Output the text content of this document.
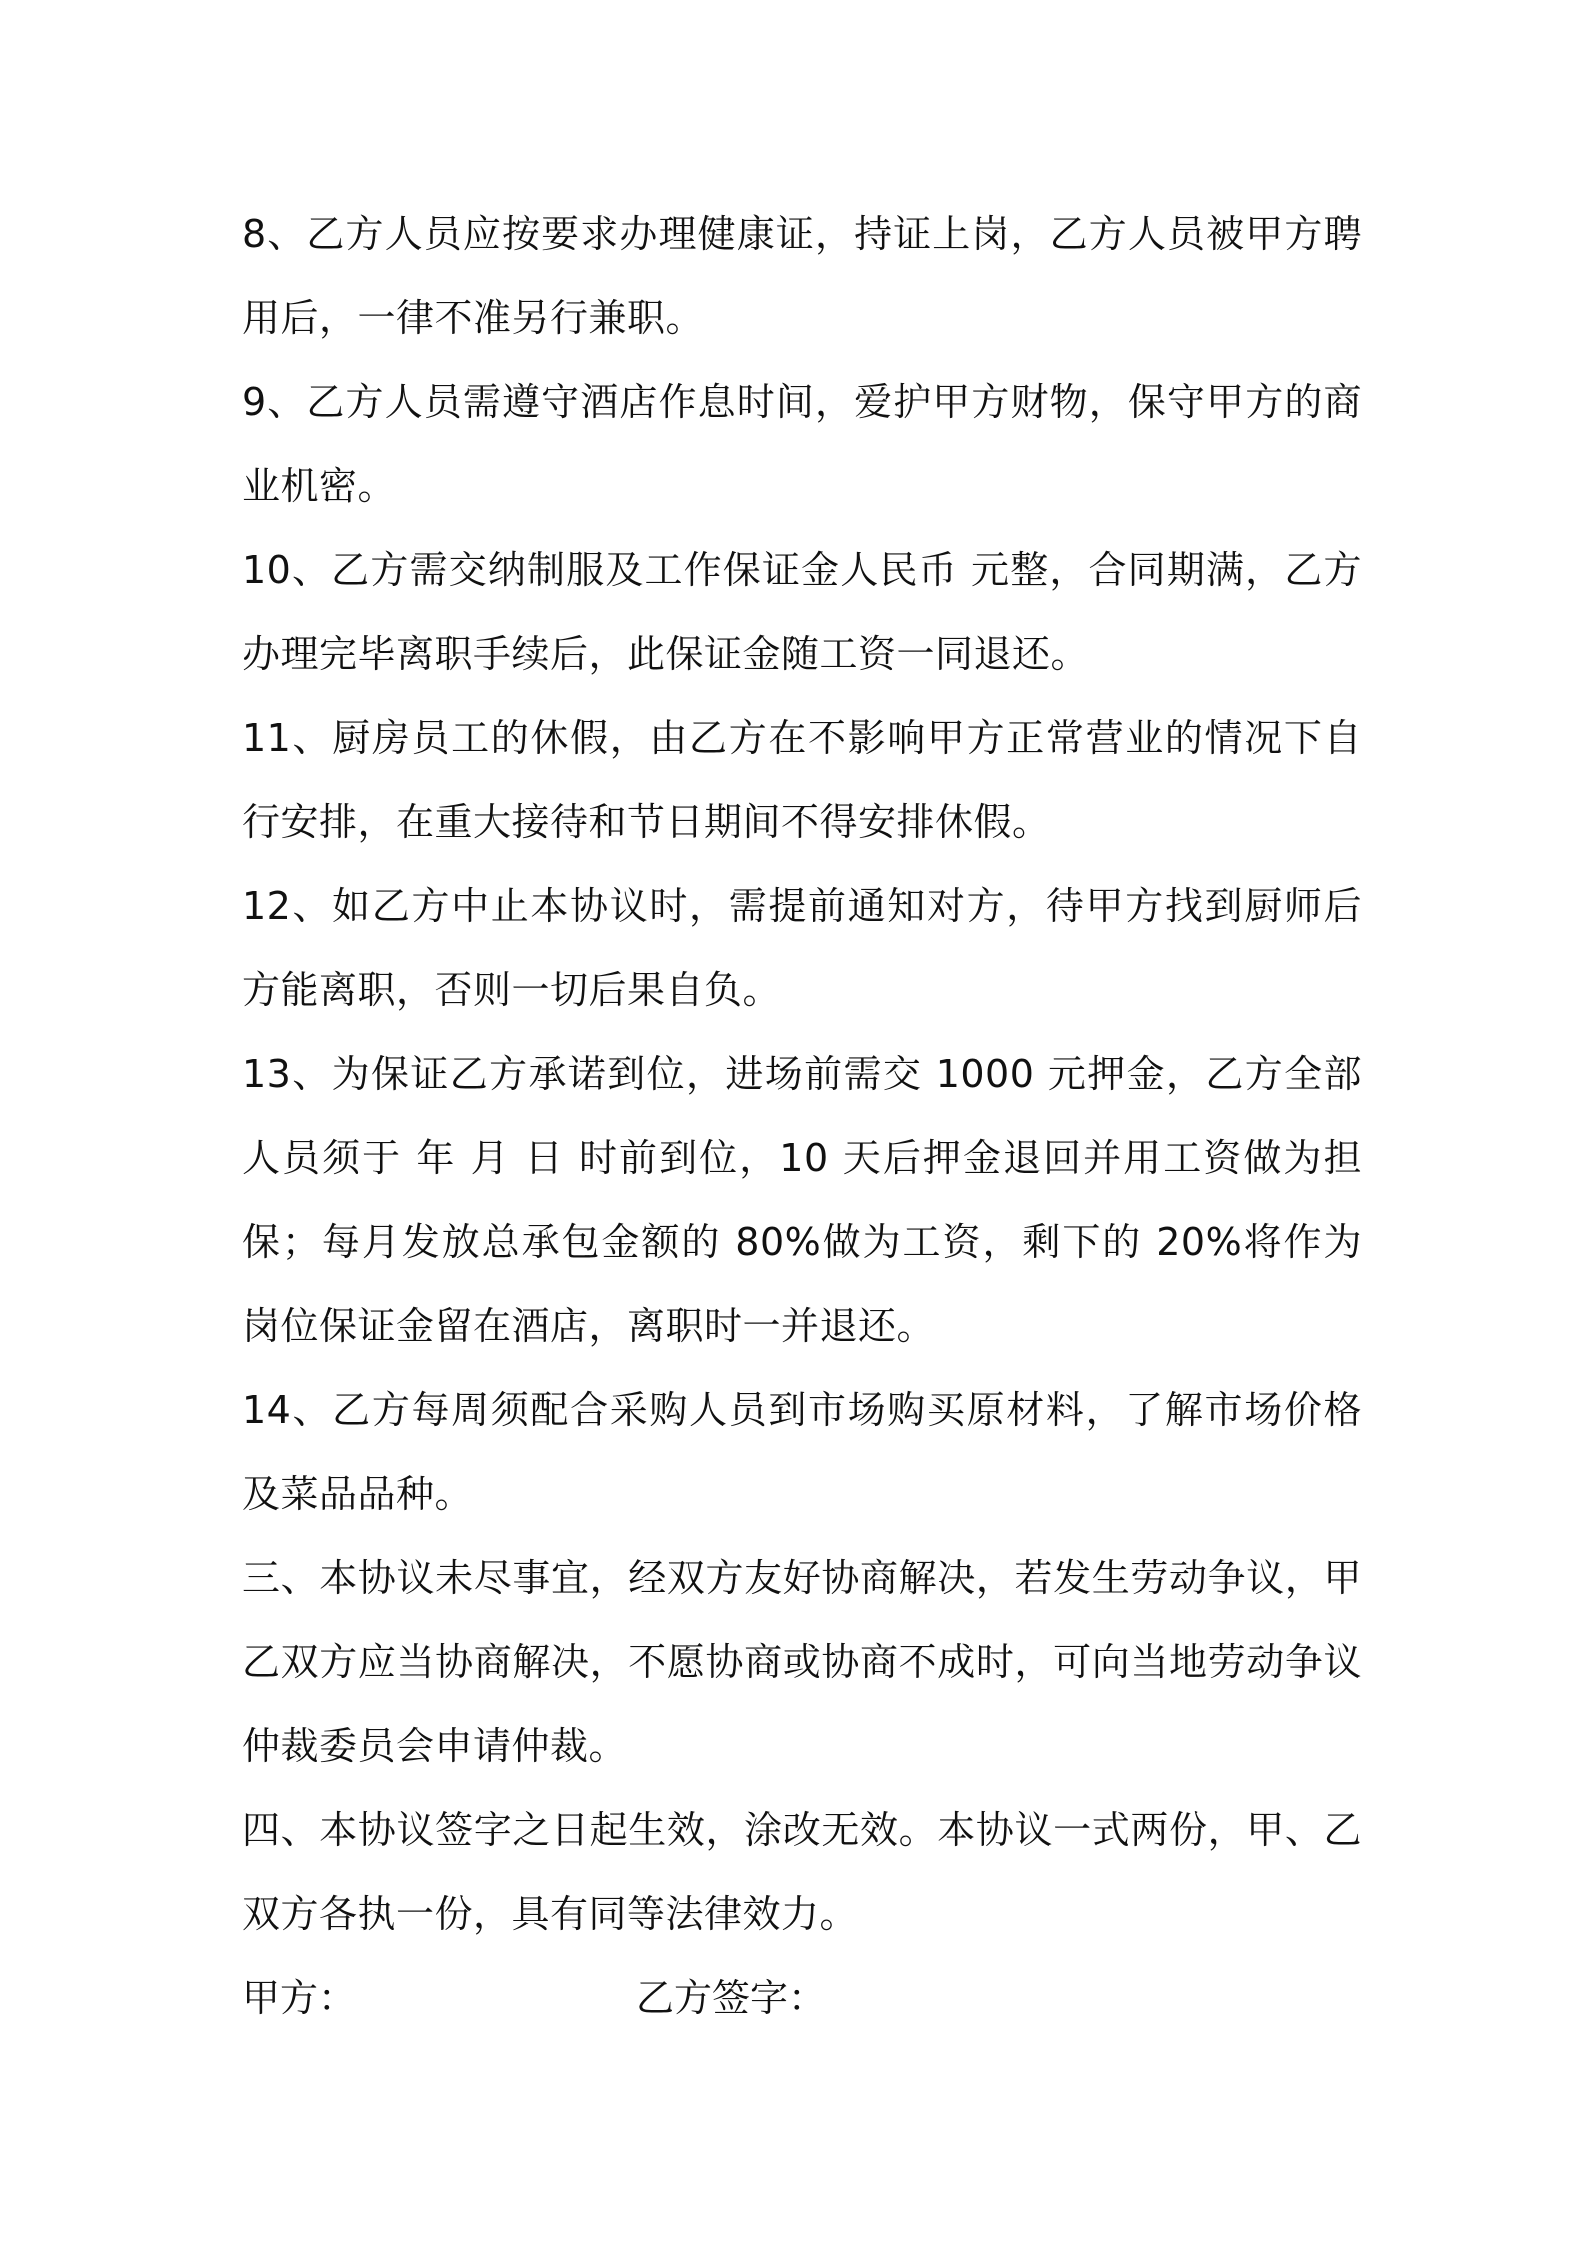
8、乙方人员应按要求办理健康证，持证上岗，乙方人员被甲方聘用后，一律不准另行兼职。

9、乙方人员需遵守酒店作息时间，爱护甲方财物，保守甲方的商业机密。

10、乙方需交纳制服及工作保证金人民币 元整，合同期满，乙方办理完毕离职手续后，此保证金随工资一同退还。

11、厨房员工的休假，由乙方在不影响甲方正常营业的情况下自行安排，在重大接待和节日期间不得安排休假。

12、如乙方中止本协议时，需提前通知对方，待甲方找到厨师后方能离职，否则一切后果自负。

13、为保证乙方承诺到位，进场前需交 1000 元押金，乙方全部人员须于 年 月 日 时前到位，10 天后押金退回并用工资做为担保；每月发放总承包金额的 80%做为工资，剩下的 20%将作为岗位保证金留在酒店，离职时一并退还。

14、乙方每周须配合采购人员到市场购买原材料，了解市场价格及菜品品种。

三、本协议未尽事宜，经双方友好协商解决，若发生劳动争议，甲乙双方应当协商解决，不愿协商或协商不成时，可向当地劳动争议仲裁委员会申请仲裁。

四、本协议签字之日起生效，涂改无效。本协议一式两份，甲、乙双方各执一份，具有同等法律效力。

甲方：	乙方签字：
